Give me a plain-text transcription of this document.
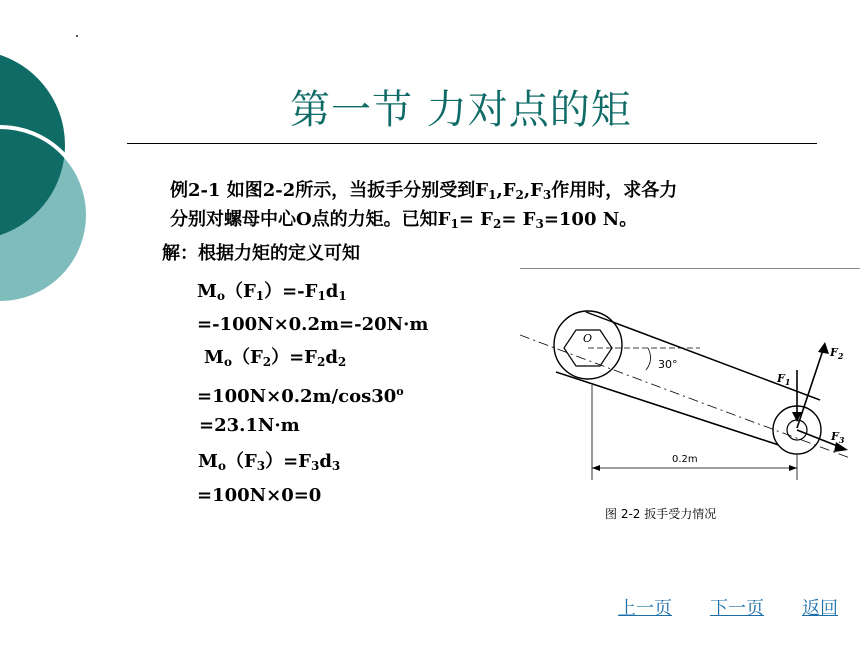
第一节 力对点的矩
例2-1 如图2-2所示，当扳手分别受到$F_1,F_2,F_3$作用时，求各力
分别对螺母中心O点的力矩。已知$F_1= F_2= F_3=100$ N。
解：根据力矩的定义可知
$M_o(F_1)=-F_1d_1$
=-100N×0.2m=-20N·m
$M_o(F_2)=F_2d_2$
$=100N\times 0.2m/\cos 30^o$
=23.1N·m
$M_o(F_3)=F_3d_3$
=100N×0=0
30°
O
$F_1$
$F_2$
$F_3$
0.2m
图 2-2 扳手受力情况
上一页 下一页 返回
